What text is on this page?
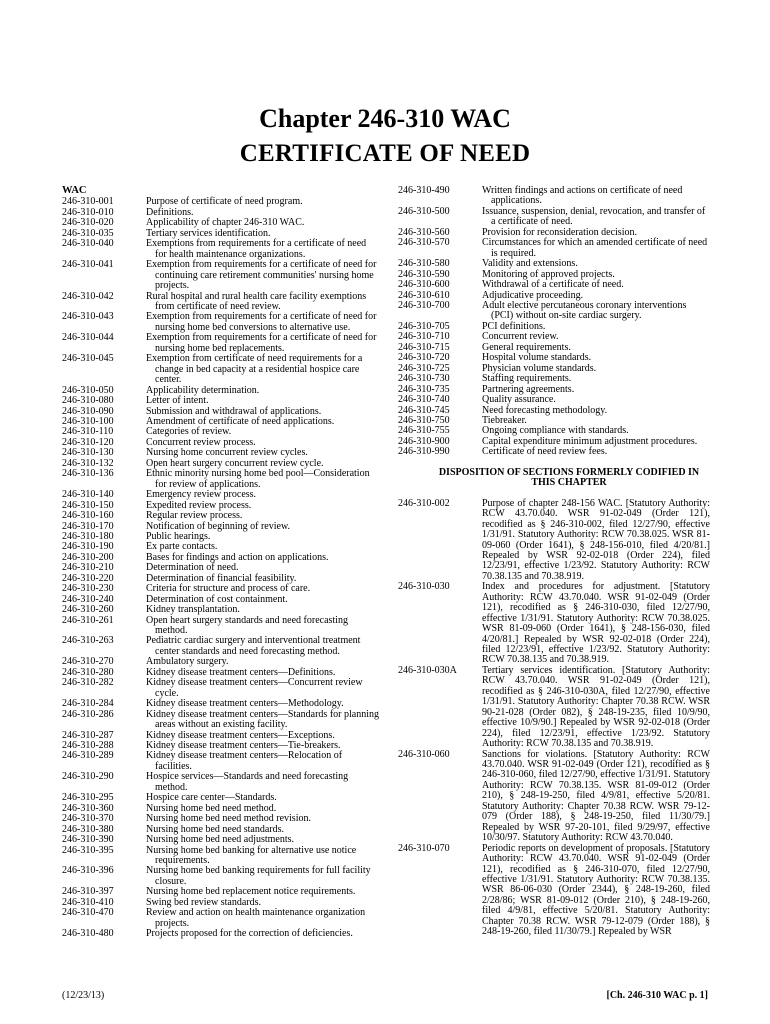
Chapter 246-310 WAC
CERTIFICATE OF NEED
WAC
246-310-001	Purpose of certificate of need program.
246-310-010	Definitions.
246-310-020	Applicability of chapter 246-310 WAC.
246-310-035	Tertiary services identification.
246-310-040	Exemptions from requirements for a certificate of need for health maintenance organizations.
246-310-041	Exemption from requirements for a certificate of need for continuing care retirement communities' nursing home projects.
246-310-042	Rural hospital and rural health care facility exemptions from certificate of need review.
246-310-043	Exemption from requirements for a certificate of need for nursing home bed conversions to alternative use.
246-310-044	Exemption from requirements for a certificate of need for nursing home bed replacements.
246-310-045	Exemption from certificate of need requirements for a change in bed capacity at a residential hospice care center.
246-310-050	Applicability determination.
246-310-080	Letter of intent.
246-310-090	Submission and withdrawal of applications.
246-310-100	Amendment of certificate of need applications.
246-310-110	Categories of review.
246-310-120	Concurrent review process.
246-310-130	Nursing home concurrent review cycles.
246-310-132	Open heart surgery concurrent review cycle.
246-310-136	Ethnic minority nursing home bed pool—Consideration for review of applications.
246-310-140	Emergency review process.
246-310-150	Expedited review process.
246-310-160	Regular review process.
246-310-170	Notification of beginning of review.
246-310-180	Public hearings.
246-310-190	Ex parte contacts.
246-310-200	Bases for findings and action on applications.
246-310-210	Determination of need.
246-310-220	Determination of financial feasibility.
246-310-230	Criteria for structure and process of care.
246-310-240	Determination of cost containment.
246-310-260	Kidney transplantation.
246-310-261	Open heart surgery standards and need forecasting method.
246-310-263	Pediatric cardiac surgery and interventional treatment center standards and need forecasting method.
246-310-270	Ambulatory surgery.
246-310-280	Kidney disease treatment centers—Definitions.
246-310-282	Kidney disease treatment centers—Concurrent review cycle.
246-310-284	Kidney disease treatment centers—Methodology.
246-310-286	Kidney disease treatment centers—Standards for planning areas without an existing facility.
246-310-287	Kidney disease treatment centers—Exceptions.
246-310-288	Kidney disease treatment centers—Tie-breakers.
246-310-289	Kidney disease treatment centers—Relocation of facilities.
246-310-290	Hospice services—Standards and need forecasting method.
246-310-295	Hospice care center—Standards.
246-310-360	Nursing home bed need method.
246-310-370	Nursing home bed need method revision.
246-310-380	Nursing home bed need standards.
246-310-390	Nursing home bed need adjustments.
246-310-395	Nursing home bed banking for alternative use notice requirements.
246-310-396	Nursing home bed banking requirements for full facility closure.
246-310-397	Nursing home bed replacement notice requirements.
246-310-410	Swing bed review standards.
246-310-470	Review and action on health maintenance organization projects.
246-310-480	Projects proposed for the correction of deficiencies.
246-310-490	Written findings and actions on certificate of need applications.
246-310-500	Issuance, suspension, denial, revocation, and transfer of a certificate of need.
246-310-560	Provision for reconsideration decision.
246-310-570	Circumstances for which an amended certificate of need is required.
246-310-580	Validity and extensions.
246-310-590	Monitoring of approved projects.
246-310-600	Withdrawal of a certificate of need.
246-310-610	Adjudicative proceeding.
246-310-700	Adult elective percutaneous coronary interventions (PCI) without on-site cardiac surgery.
246-310-705	PCI definitions.
246-310-710	Concurrent review.
246-310-715	General requirements.
246-310-720	Hospital volume standards.
246-310-725	Physician volume standards.
246-310-730	Staffing requirements.
246-310-735	Partnering agreements.
246-310-740	Quality assurance.
246-310-745	Need forecasting methodology.
246-310-750	Tiebreaker.
246-310-755	Ongoing compliance with standards.
246-310-900	Capital expenditure minimum adjustment procedures.
246-310-990	Certificate of need review fees.
DISPOSITION OF SECTIONS FORMERLY CODIFIED IN THIS CHAPTER
246-310-002	Purpose of chapter 248-156 WAC. [Statutory Authority: RCW 43.70.040. WSR 91-02-049 (Order 121), recodified as § 246-310-002, filed 12/27/90, effective 1/31/91. Statutory Authority: RCW 70.38.025. WSR 81-09-060 (Order 1641), § 248-156-010, filed 4/20/81.] Repealed by WSR 92-02-018 (Order 224), filed 12/23/91, effective 1/23/92. Statutory Authority: RCW 70.38.135 and 70.38.919.
246-310-030	Index and procedures for adjustment. [Statutory Authority: RCW 43.70.040. WSR 91-02-049 (Order 121), recodified as § 246-310-030, filed 12/27/90, effective 1/31/91. Statutory Authority: RCW 70.38.025. WSR 81-09-060 (Order 1641), § 248-156-030, filed 4/20/81.] Repealed by WSR 92-02-018 (Order 224), filed 12/23/91, effective 1/23/92. Statutory Authority: RCW 70.38.135 and 70.38.919.
246-310-030A	Tertiary services identification. [Statutory Authority: RCW 43.70.040. WSR 91-02-049 (Order 121), recodified as § 246-310-030A, filed 12/27/90, effective 1/31/91. Statutory Authority: Chapter 70.38 RCW. WSR 90-21-028 (Order 082), § 248-19-235, filed 10/9/90, effective 10/9/90.] Repealed by WSR 92-02-018 (Order 224), filed 12/23/91, effective 1/23/92. Statutory Authority: RCW 70.38.135 and 70.38.919.
246-310-060	Sanctions for violations. [Statutory Authority: RCW 43.70.040. WSR 91-02-049 (Order 121), recodified as § 246-310-060, filed 12/27/90, effective 1/31/91. Statutory Authority: RCW 70.38.135. WSR 81-09-012 (Order 210), § 248-19-250, filed 4/9/81, effective 5/20/81. Statutory Authority: Chapter 70.38 RCW. WSR 79-12-079 (Order 188), § 248-19-250, filed 11/30/79.] Repealed by WSR 97-20-101, filed 9/29/97, effective 10/30/97. Statutory Authority: RCW 43.70.040.
246-310-070	Periodic reports on development of proposals. [Statutory Authority: RCW 43.70.040. WSR 91-02-049 (Order 121), recodified as § 246-310-070, filed 12/27/90, effective 1/31/91. Statutory Authority: RCW 70.38.135. WSR 86-06-030 (Order 2344), § 248-19-260, filed 2/28/86; WSR 81-09-012 (Order 210), § 248-19-260, filed 4/9/81, effective 5/20/81. Statutory Authority: Chapter 70.38 RCW. WSR 79-12-079 (Order 188), § 248-19-260, filed 11/30/79.] Repealed by WSR
(12/23/13)	[Ch. 246-310 WAC p. 1]
